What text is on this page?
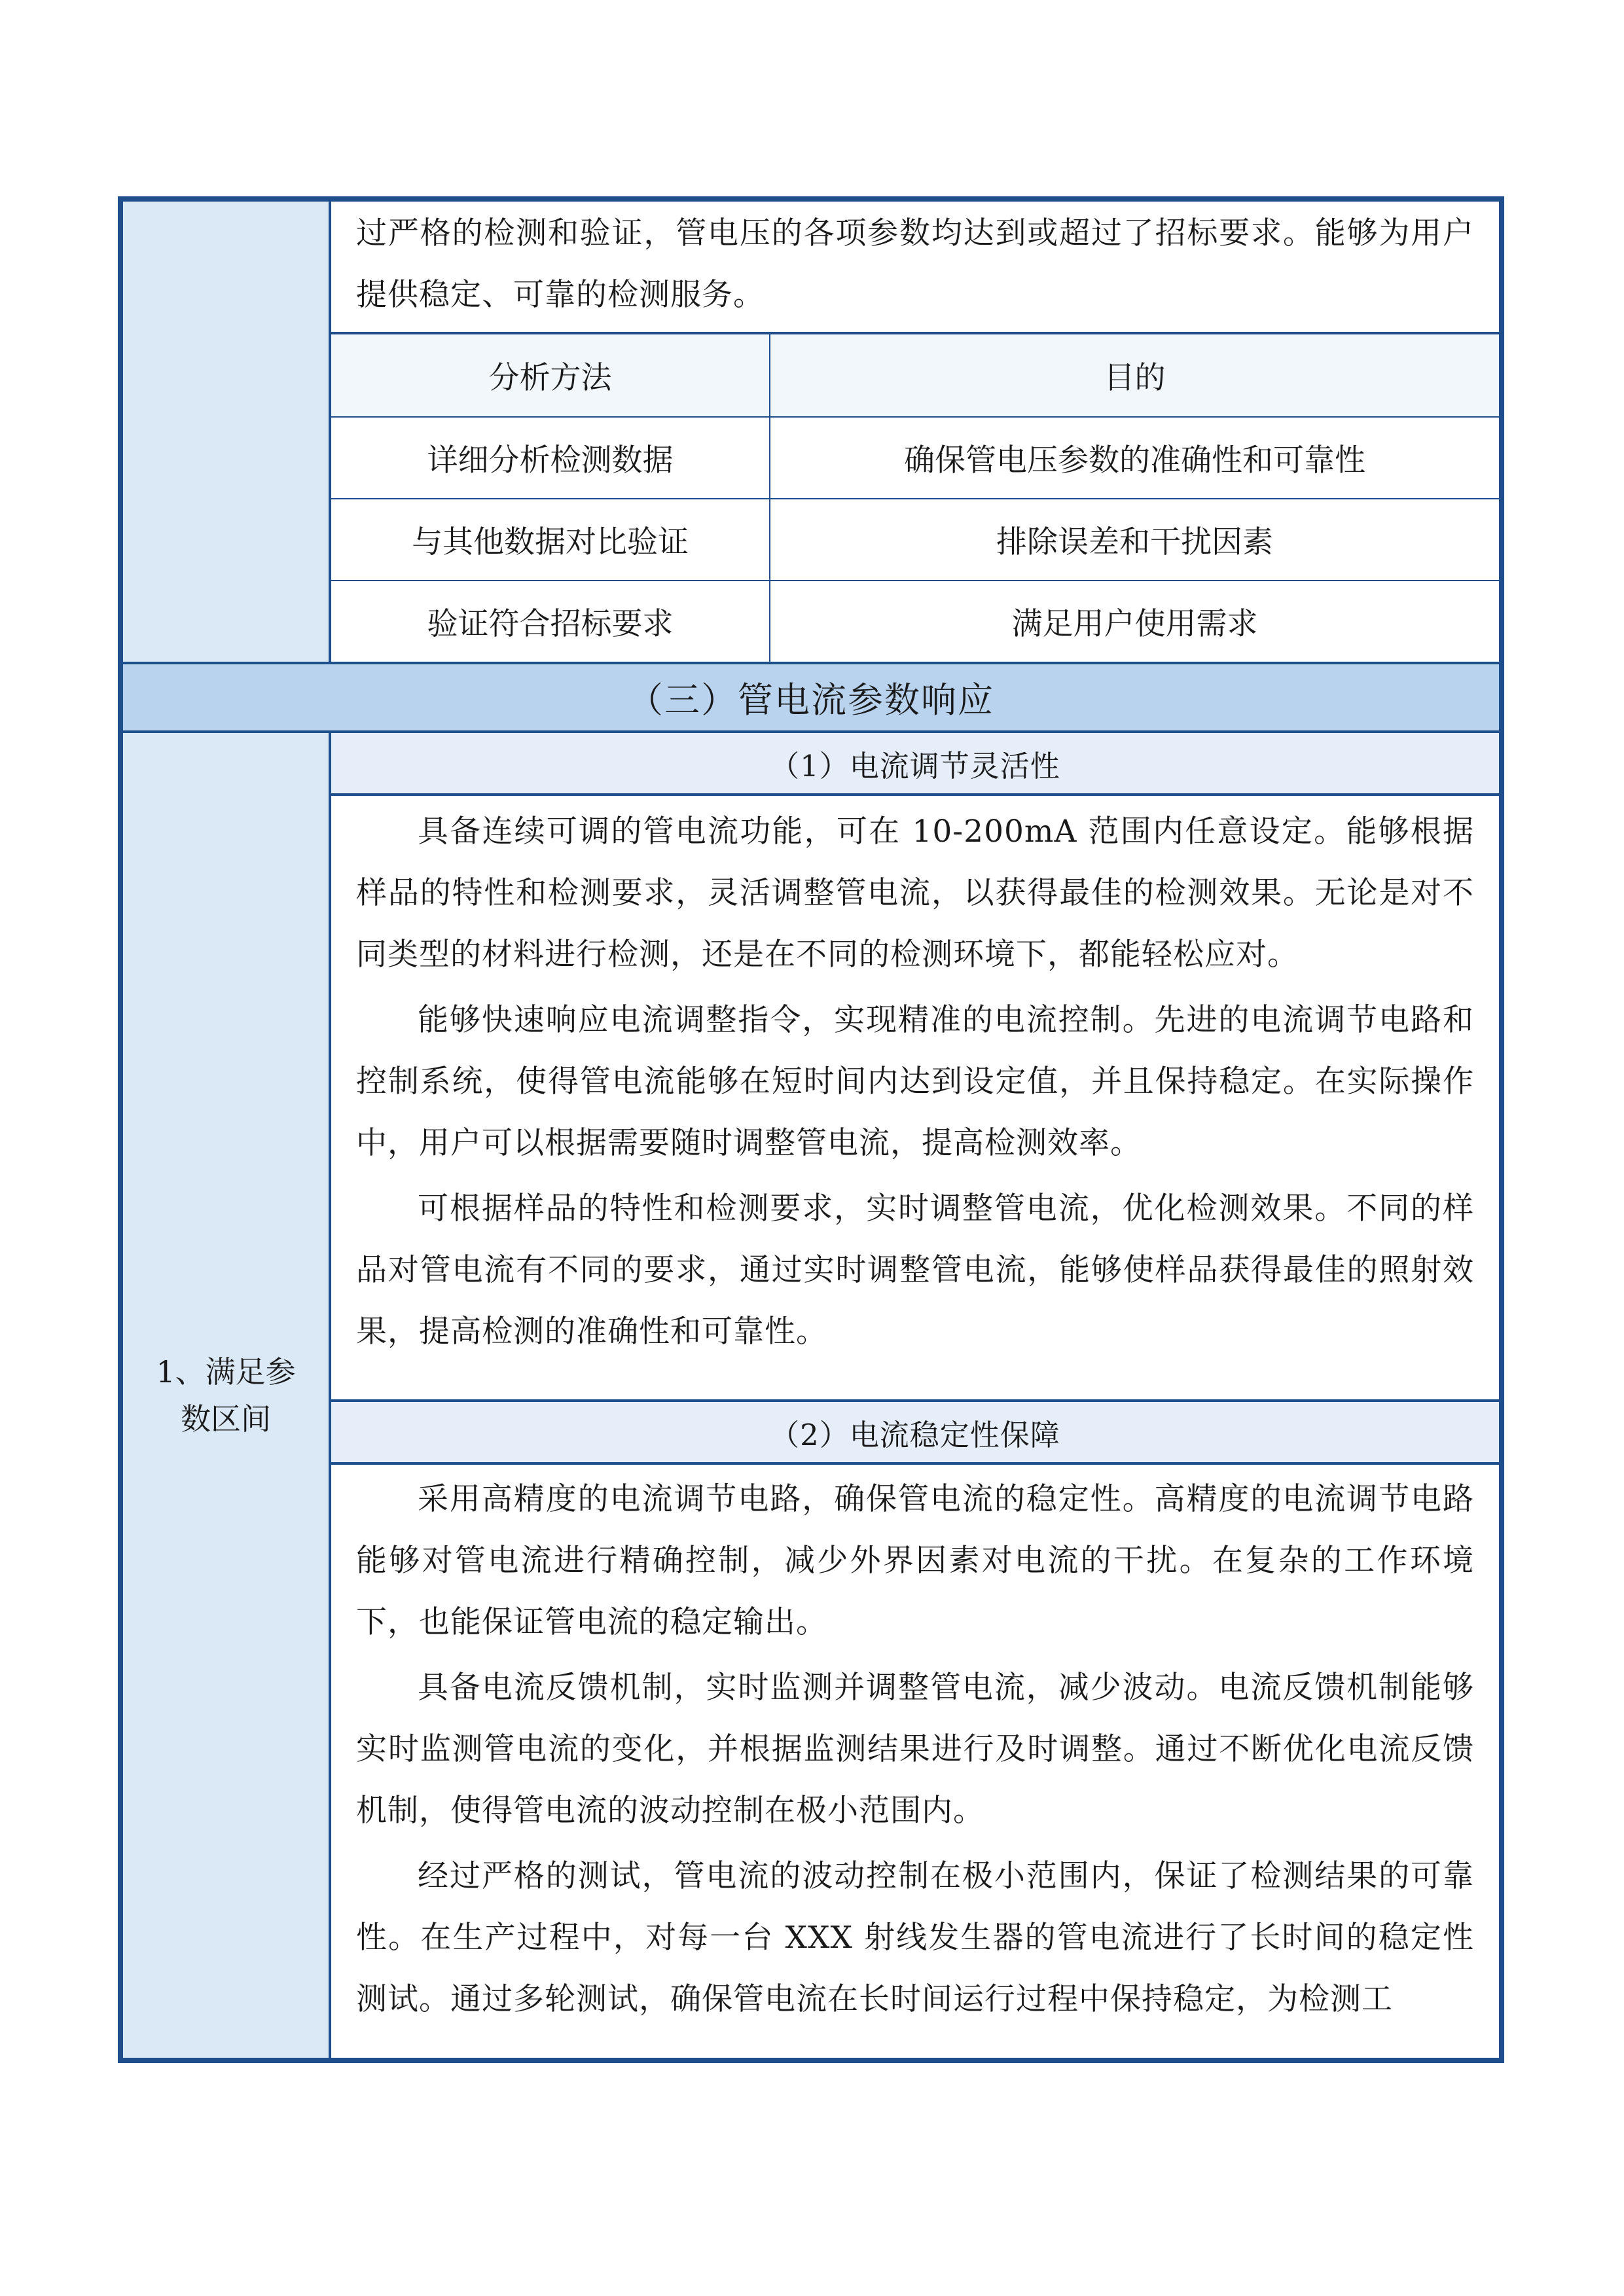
过严格的检测和验证，管电压的各项参数均达到或超过了招标要求。能够为用户提供稳定、可靠的检测服务。

分析方法	目的
详细分析检测数据	确保管电压参数的准确性和可靠性
与其他数据对比验证	排除误差和干扰因素
验证符合招标要求	满足用户使用需求
（三）管电流参数响应
1、满足参数区间
（1）电流调节灵活性

具备连续可调的管电流功能，可在 10-200mA 范围内任意设定。能够根据样品的特性和检测要求，灵活调整管电流，以获得最佳的检测效果。无论是对不同类型的材料进行检测，还是在不同的检测环境下，都能轻松应对。

能够快速响应电流调整指令，实现精准的电流控制。先进的电流调节电路和控制系统，使得管电流能够在短时间内达到设定值，并且保持稳定。在实际操作中，用户可以根据需要随时调整管电流，提高检测效率。

可根据样品的特性和检测要求，实时调整管电流，优化检测效果。不同的样品对管电流有不同的要求，通过实时调整管电流，能够使样品获得最佳的照射效果，提高检测的准确性和可靠性。

（2）电流稳定性保障

采用高精度的电流调节电路，确保管电流的稳定性。高精度的电流调节电路能够对管电流进行精确控制，减少外界因素对电流的干扰。在复杂的工作环境下，也能保证管电流的稳定输出。

具备电流反馈机制，实时监测并调整管电流，减少波动。电流反馈机制能够实时监测管电流的变化，并根据监测结果进行及时调整。通过不断优化电流反馈机制，使得管电流的波动控制在极小范围内。

经过严格的测试，管电流的波动控制在极小范围内，保证了检测结果的可靠性。在生产过程中，对每一台 XXX 射线发生器的管电流进行了长时间的稳定性测试。通过多轮测试，确保管电流在长时间运行过程中保持稳定，为检测工
